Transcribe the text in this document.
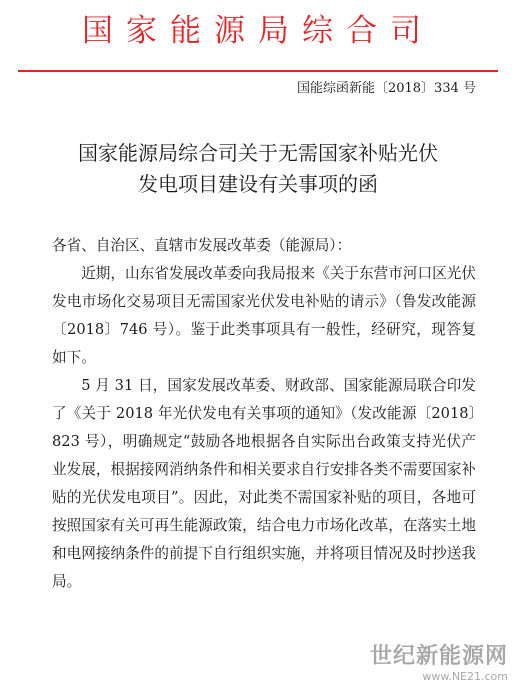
国家能源局综合司
国能综函新能〔2018〕334 号
国家能源局综合司关于无需国家补贴光伏
发电项目建设有关事项的函

各省、自治区、直辖市发展改革委（能源局）：

近期，山东省发展改革委向我局报来《关于东营市河口区光伏发电市场化交易项目无需国家光伏发电补贴的请示》（鲁发改能源〔2018〕746 号）。鉴于此类事项具有一般性，经研究，现答复如下。

5 月 31 日，国家发展改革委、财政部、国家能源局联合印发了《关于 2018 年光伏发电有关事项的通知》（发改能源〔2018〕823 号），明确规定“鼓励各地根据各自实际出台政策支持光伏产业发展，根据接网消纳条件和相关要求自行安排各类不需要国家补贴的光伏发电项目”。因此，对此类不需国家补贴的项目，各地可按照国家有关可再生能源政策，结合电力市场化改革，在落实土地和电网接纳条件的前提下自行组织实施，并将项目情况及时抄送我局。

世纪新能源网
www.NE21.com
